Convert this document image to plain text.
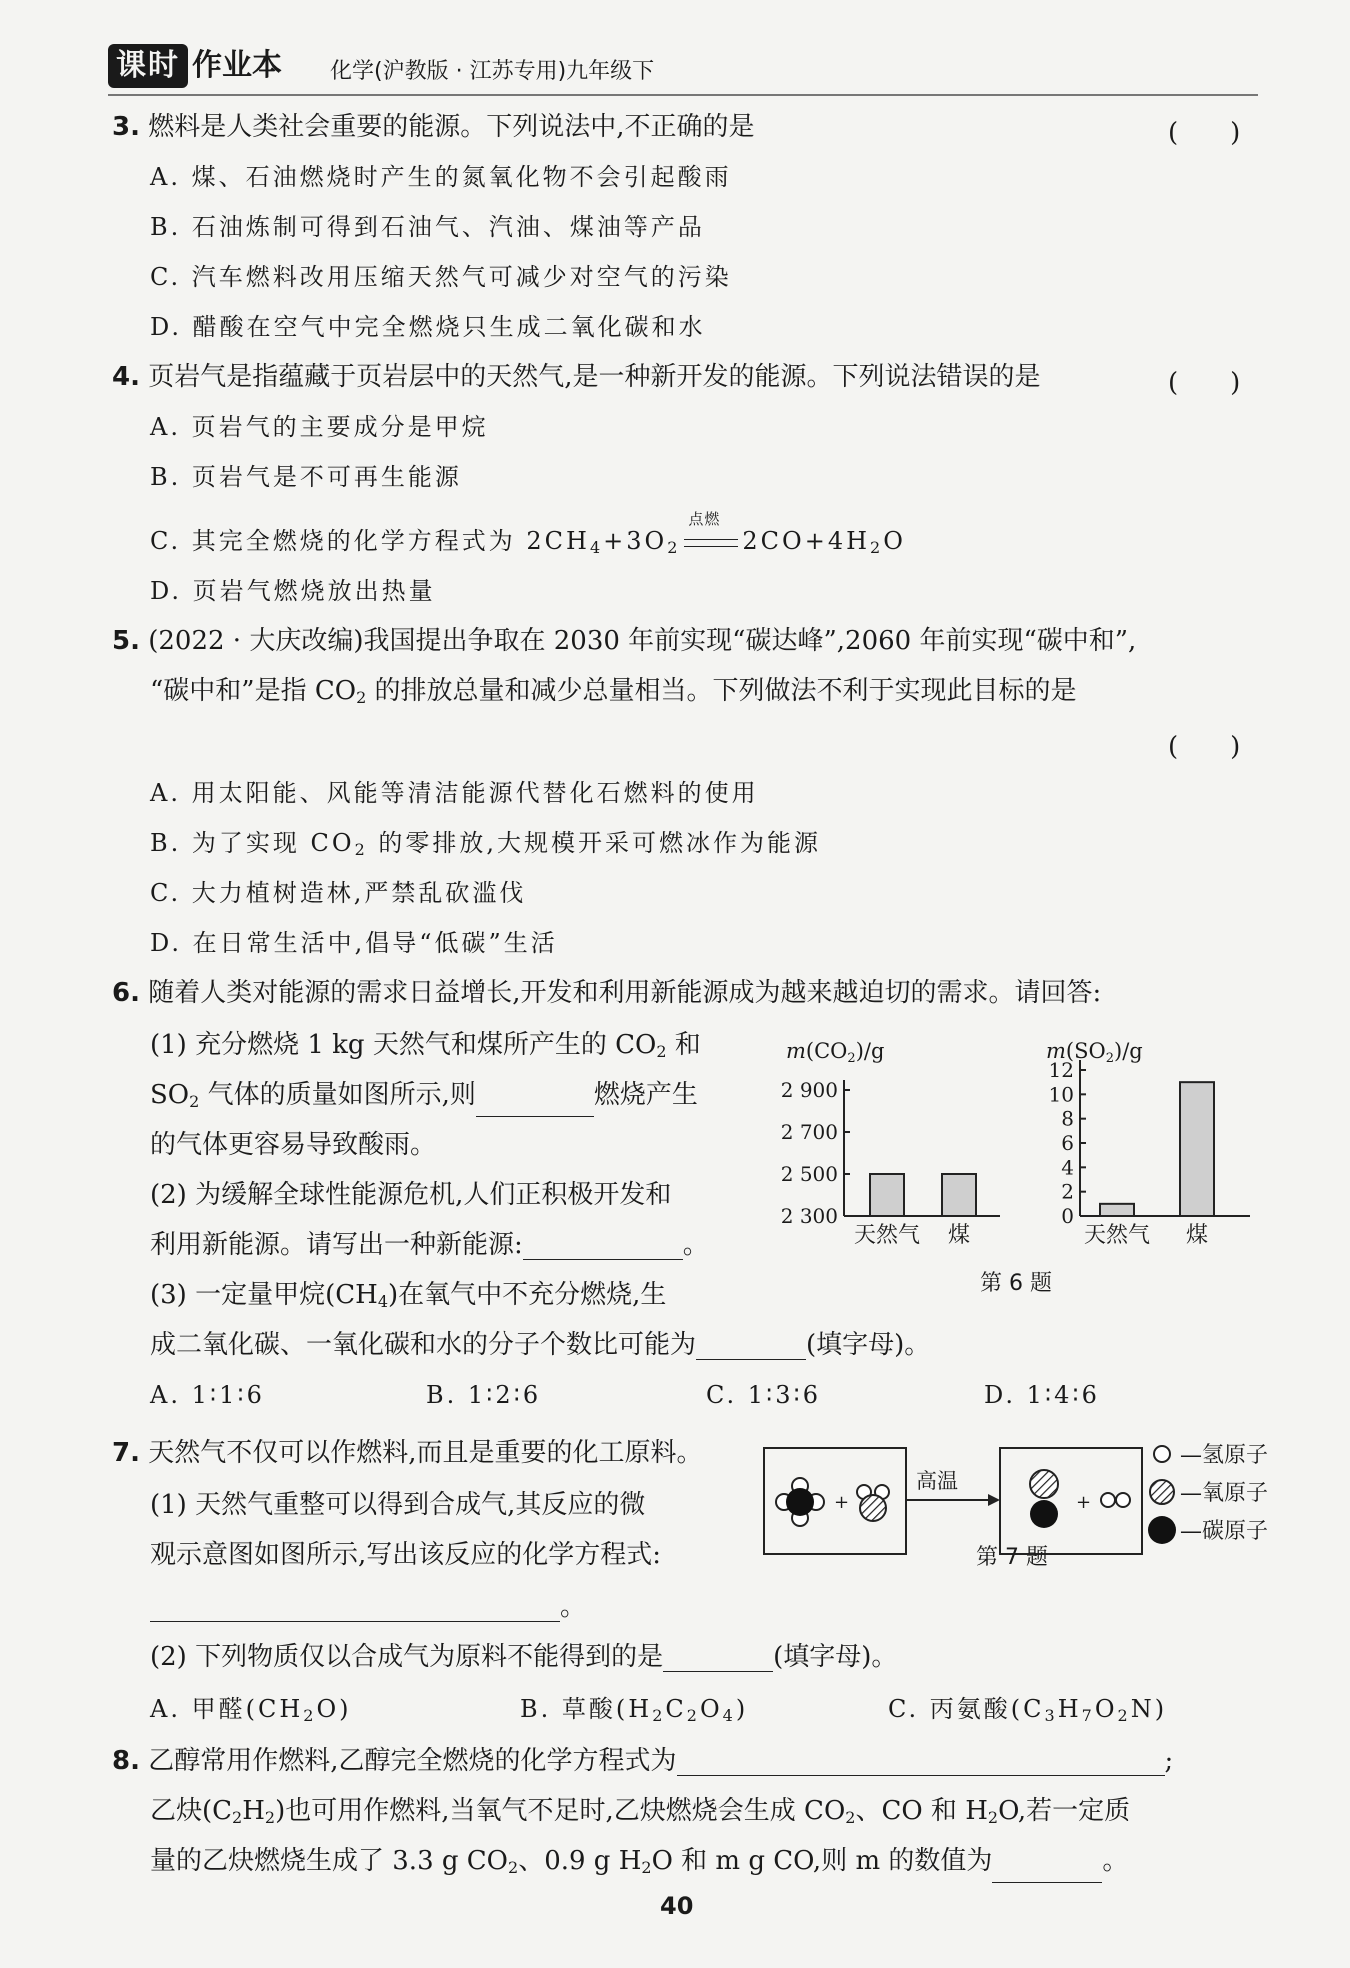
课时 作业本 化学(沪教版 · 江苏专用)九年级下
3. 燃料是人类社会重要的能源。下列说法中,不正确的是	(　　)
A. 煤、石油燃烧时产生的氮氧化物不会引起酸雨
B. 石油炼制可得到石油气、汽油、煤油等产品
C. 汽车燃料改用压缩天然气可减少对空气的污染
D. 醋酸在空气中完全燃烧只生成二氧化碳和水
4. 页岩气是指蕴藏于页岩层中的天然气,是一种新开发的能源。下列说法错误的是	(　　)
A. 页岩气的主要成分是甲烷
B. 页岩气是不可再生能源
C. 其完全燃烧的化学方程式为 $2CH_4+3O_2$
点燃
$2CO+4H_2O$
D. 页岩气燃烧放出热量
5. (2022 · 大庆改编)我国提出争取在 2030 年前实现“碳达峰”,2060 年前实现“碳中和”,
“碳中和”是指 $CO_2$ 的排放总量和减少总量相当。下列做法不利于实现此目标的是
(　　)
A. 用太阳能、风能等清洁能源代替化石燃料的使用
B. 为了实现 $CO_2$ 的零排放,大规模开采可燃冰作为能源
C. 大力植树造林,严禁乱砍滥伐
D. 在日常生活中,倡导“低碳”生活
6. 随着人类对能源的需求日益增长,开发和利用新能源成为越来越迫切的需求。请回答:
(1) 充分燃烧 1 kg 天然气和煤所产生的 $CO_2$ 和
$SO_2$ 气体的质量如图所示,则	燃烧产生
的气体更容易导致酸雨。
(2) 为缓解全球性能源危机,人们正积极开发和
利用新能源。请写出一种新能源:	。
(3) 一定量甲烷$(CH_4)$在氧气中不充分燃烧,生
成二氧化碳、一氧化碳和水的分子个数比可能为	(填字母)。
A. 1∶1∶6	B. 1∶2∶6	C. 1∶3∶6	D. 1∶4∶6
m(CO2)/g
2 300
2 500
2 700
2 900
天然气 煤
m(SO2)/g
0
2
4
6
8
10
12
天然气 煤
第 6 题
7. 天然气不仅可以作燃料,而且是重要的化工原料。
(1) 天然气重整可以得到合成气,其反应的微
观示意图如图所示,写出该反应的化学方程式:
。
(2) 下列物质仅以合成气为原料不能得到的是	(填字母)。
A. 甲醛$(CH_2O)$	B. 草酸$(H_2C_2O_4)$	C. 丙氨酸$(C_3H_7O_2N)$
+
高温
+
—氢原子
—氧原子
—碳原子
第 7 题
8. 乙醇常用作燃料,乙醇完全燃烧的化学方程式为	;
乙炔$(C_2H_2)$也可用作燃料,当氧气不足时,乙炔燃烧会生成 $CO_2$、CO 和 $H_2O$,若一定质
量的乙炔燃烧生成了 3.3 g $CO_2$、0.9 g $H_2O$ 和 m g CO,则 m 的数值为	。
40
